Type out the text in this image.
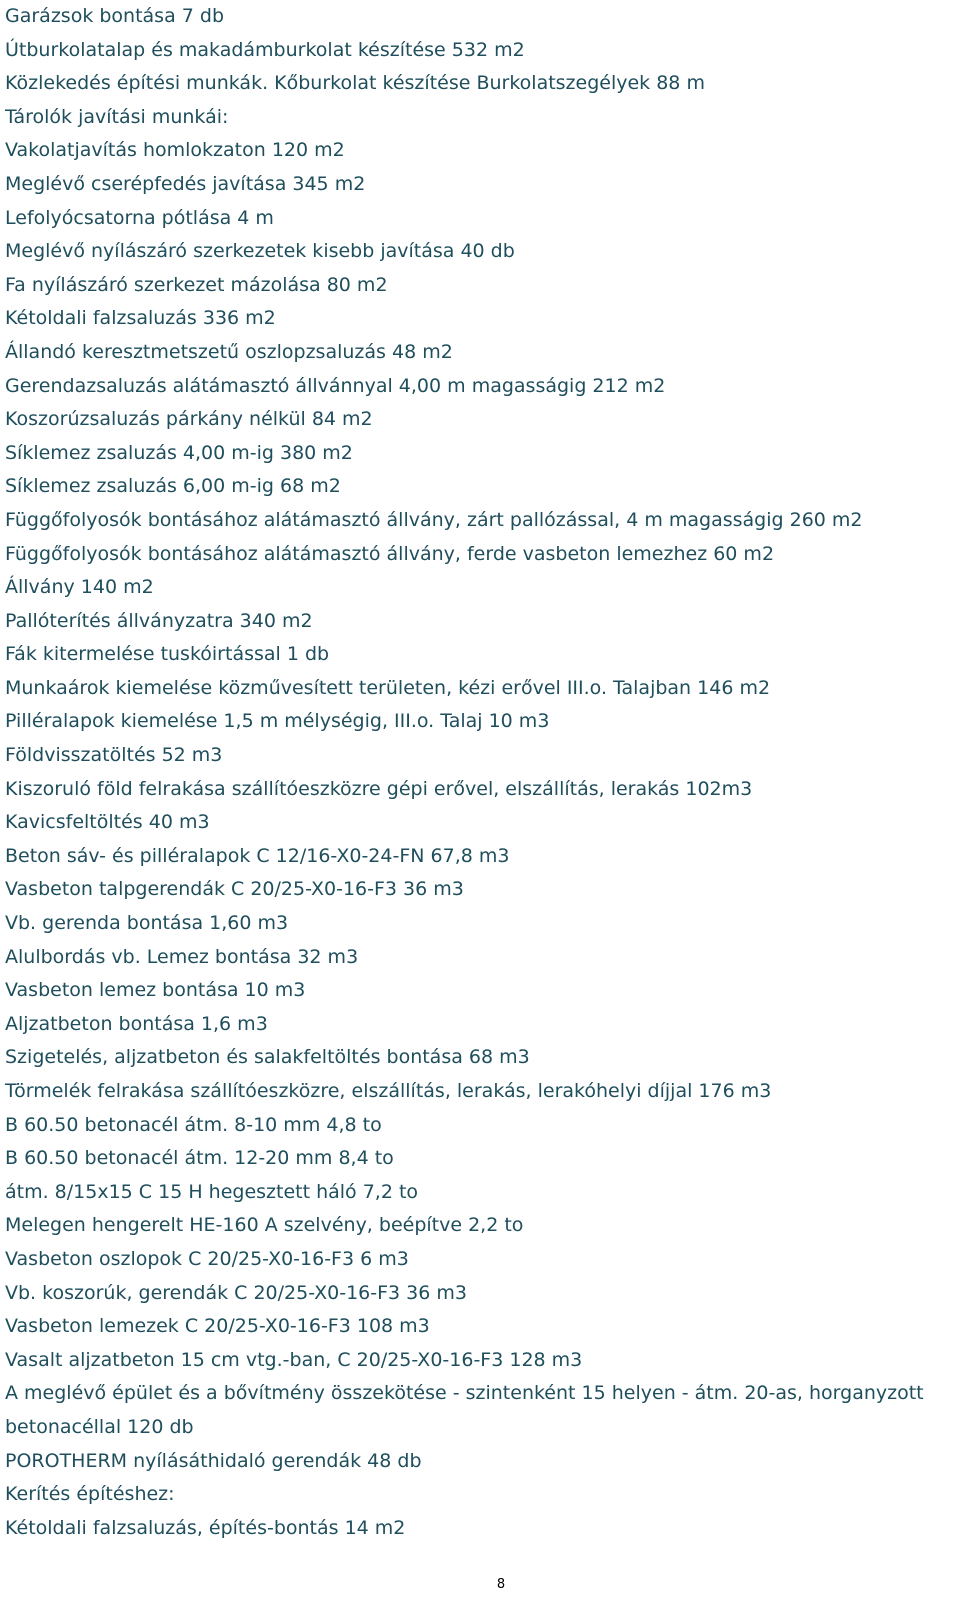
Garázsok bontása 7 db
Útburkolatalap és makadámburkolat készítése 532 m2
Közlekedés építési munkák. Kőburkolat készítése Burkolatszegélyek 88 m
Tárolók javítási munkái:
Vakolatjavítás homlokzaton 120 m2
Meglévő cserépfedés javítása 345 m2
Lefolyócsatorna pótlása 4 m
Meglévő nyílászáró szerkezetek kisebb javítása 40 db
Fa nyílászáró szerkezet mázolása 80 m2
Kétoldali falzsaluzás 336 m2
Állandó keresztmetszetű oszlopzsaluzás 48 m2
Gerendazsaluzás alátámasztó állvánnyal 4,00 m magasságig 212 m2
Koszorúzsaluzás párkány nélkül 84 m2
Síklemez zsaluzás 4,00 m-ig 380 m2
Síklemez zsaluzás 6,00 m-ig 68 m2
Függőfolyosók bontásához alátámasztó állvány, zárt pallózással, 4 m magasságig 260 m2
Függőfolyosók bontásához alátámasztó állvány, ferde vasbeton lemezhez 60 m2
Állvány 140 m2
Pallóterítés állványzatra 340 m2
Fák kitermelése tuskóirtással 1 db
Munkaárok kiemelése közművesített területen, kézi erővel III.o. Talajban 146 m2
Pilléralapok kiemelése 1,5 m mélységig, III.o. Talaj 10 m3
Földvisszatöltés 52 m3
Kiszoruló föld felrakása szállítóeszközre gépi erővel, elszállítás, lerakás 102m3
Kavicsfeltöltés 40 m3
Beton sáv- és pilléralapok C 12/16-X0-24-FN 67,8 m3
Vasbeton talpgerendák C 20/25-X0-16-F3 36 m3
Vb. gerenda bontása 1,60 m3
Alulbordás vb. Lemez bontása 32 m3
Vasbeton lemez bontása 10 m3
Aljzatbeton bontása 1,6 m3
Szigetelés, aljzatbeton és salakfeltöltés bontása 68 m3
Törmelék felrakása szállítóeszközre, elszállítás, lerakás, lerakóhelyi díjjal 176 m3
B 60.50 betonacél átm. 8-10 mm 4,8 to
B 60.50 betonacél átm. 12-20 mm 8,4 to
átm. 8/15x15 C 15 H hegesztett háló 7,2 to
Melegen hengerelt HE-160 A szelvény, beépítve 2,2 to
Vasbeton oszlopok C 20/25-X0-16-F3 6 m3
Vb. koszorúk, gerendák C 20/25-X0-16-F3 36 m3
Vasbeton lemezek C 20/25-X0-16-F3 108 m3
Vasalt aljzatbeton 15 cm vtg.-ban, C 20/25-X0-16-F3 128 m3
A meglévő épület és a bővítmény összekötése - szintenként 15 helyen - átm. 20-as, horganyzott
betonacéllal 120 db
POROTHERM nyílásáthidaló gerendák 48 db
Kerítés építéshez:
Kétoldali falzsaluzás, építés-bontás 14 m2
8
